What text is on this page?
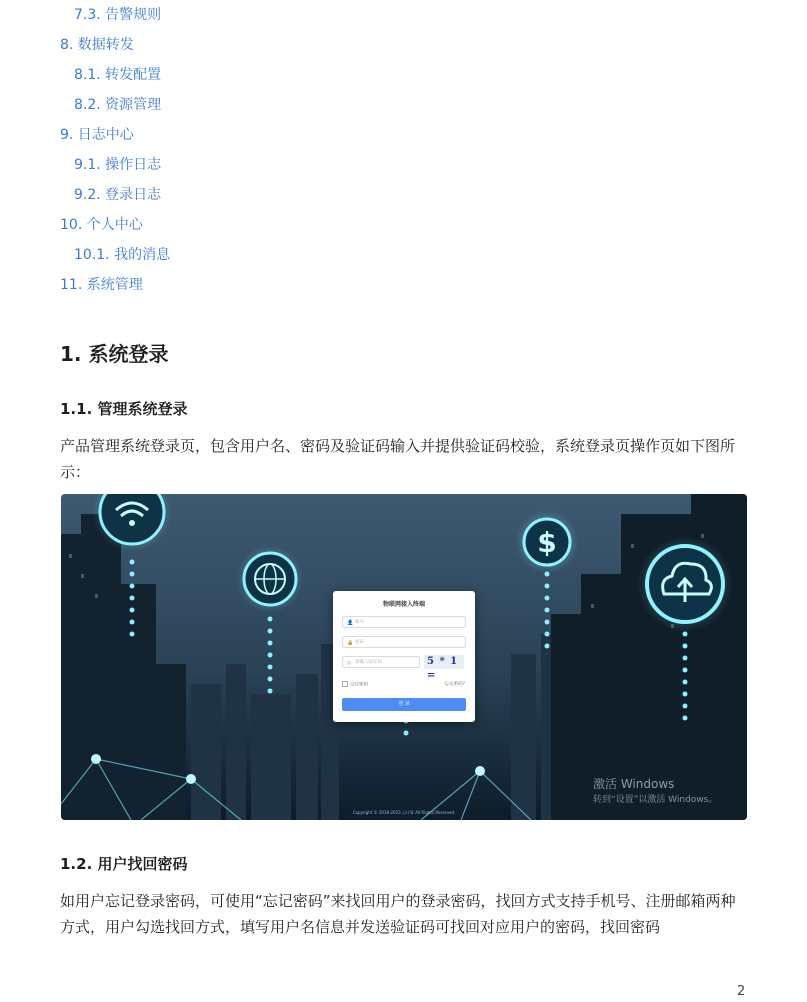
7.3. 告警规则
8. 数据转发
8.1. 转发配置
8.2. 资源管理
9. 日志中心
9.1. 操作日志
9.2. 登录日志
10. 个人中心
10.1. 我的消息
11. 系统管理
1. 系统登录
1.1. 管理系统登录
产品管理系统登录页，包含用户名、密码及验证码输入并提供验证码校验，系统登录页操作页如下图所示：
$
物联网接入终端
👤 账号
🔒 密码
◎ 请输入验证码	5 * 1 =
记住密码	忘记密码?
登 录
Copyright © 2018-2023 云计算 All Rights Reserved.
激活 Windows
转到“设置”以激活 Windows。
1.2. 用户找回密码
如用户忘记登录密码，可使用“忘记密码”来找回用户的登录密码，找回方式支持手机号、注册邮箱两种方式，用户勾选找回方式，填写用户名信息并发送验证码可找回对应用户的密码，找回密码
2
